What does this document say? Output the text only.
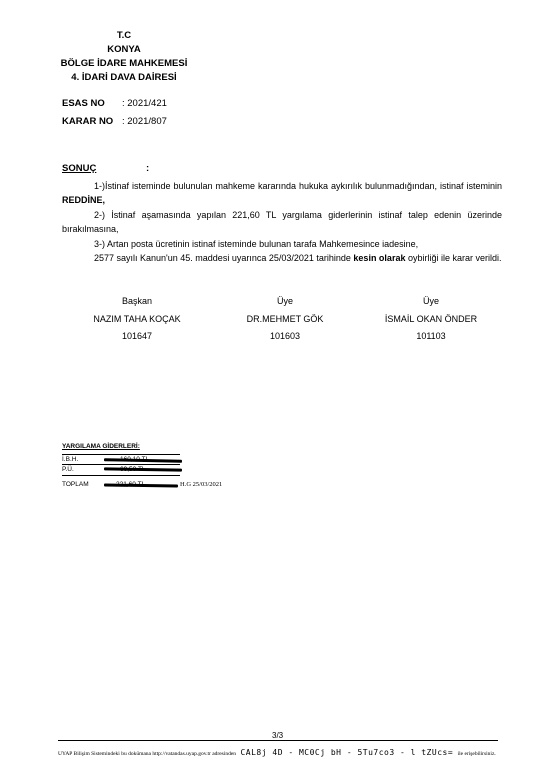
T.C
KONYA
BÖLGE İDARE MAHKEMESİ
4. İDARİ DAVA DAİRESİ
ESAS NO : 2021/421
KARAR NO : 2021/807
SONUÇ	:
1-)İstinaf isteminde bulunulan mahkeme kararında hukuka aykırılık bulunmadığından, istinaf isteminin REDDİNE,
2-) İstinaf aşamasında yapılan 221,60 TL yargılama giderlerinin istinaf talep edenin üzerinde bırakılmasına,
3-) Artan posta ücretinin istinaf isteminde bulunan tarafa Mahkemesince iadesine,
2577 sayılı Kanun'un 45. maddesi uyarınca 25/03/2021 tarihinde kesin olarak oybirliği ile karar verildi.
Başkan	Üye	Üye
NAZIM TAHA KOÇAK	DR.MEHMET GÖK	İSMAİL OKAN ÖNDER
101647	101603	101103
YARGILAMA GİDERLERİ:
İ.B.H.
P.Ü.
TOPLAM	H.G 25/03/2021
3/3
UYAP Bilişim Sistemindeki bu dokümana http://vatandas.uyap.gov.tr adresinden CAL8j 4D - MC0Cj bH - 5Tu7co3 - l tZUcs= ile erişebilirsiniz.
